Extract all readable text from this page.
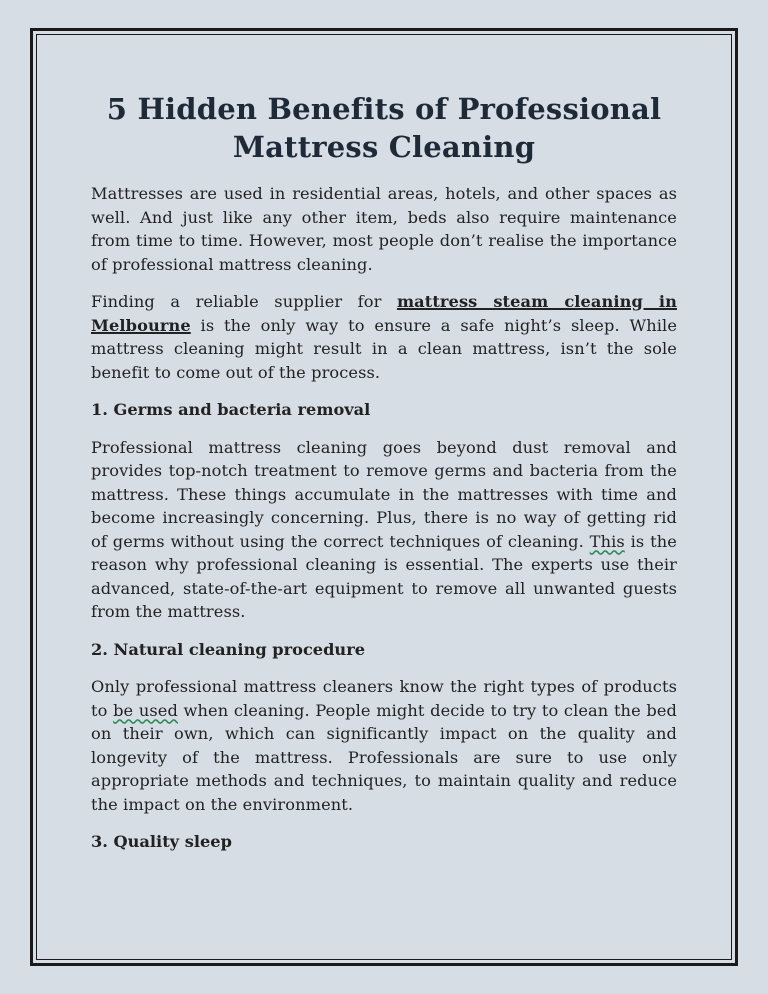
5 Hidden Benefits of Professional Mattress Cleaning

Mattresses are used in residential areas, hotels, and other spaces as well. And just like any other item, beds also require maintenance from time to time. However, most people don’t realise the importance of professional mattress cleaning.

Finding a reliable supplier for mattress steam cleaning in Melbourne is the only way to ensure a safe night’s sleep. While mattress cleaning might result in a clean mattress, isn’t the sole benefit to come out of the process.

1. Germs and bacteria removal

Professional mattress cleaning goes beyond dust removal and provides top-notch treatment to remove germs and bacteria from the mattress. These things accumulate in the mattresses with time and become increasingly concerning. Plus, there is no way of getting rid of germs without using the correct techniques of cleaning. This is the reason why professional cleaning is essential. The experts use their advanced, state-of-the-art equipment to remove all unwanted guests from the mattress.

2. Natural cleaning procedure

Only professional mattress cleaners know the right types of products to be used when cleaning. People might decide to try to clean the bed on their own, which can significantly impact on the quality and longevity of the mattress. Professionals are sure to use only appropriate methods and techniques, to maintain quality and reduce the impact on the environment.

3. Quality sleep
